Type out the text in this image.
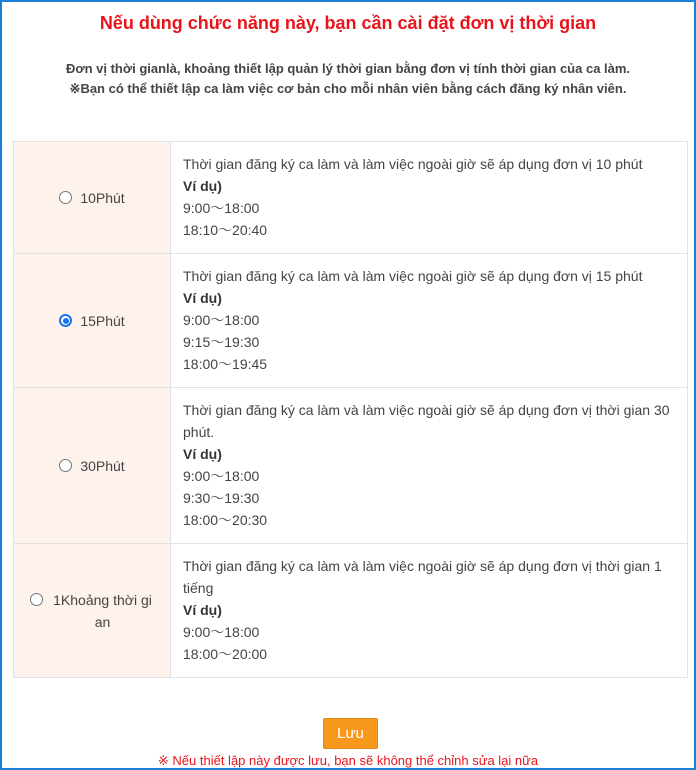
Nếu dùng chức năng này, bạn cần cài đặt đơn vị thời gian
Đơn vị thời gianlà, khoảng thiết lập quản lý thời gian bằng đơn vị tính thời gian của ca làm.
※Bạn có thể thiết lập ca làm việc cơ bản cho mỗi nhân viên bằng cách đăng ký nhân viên.
10Phút	Thời gian đăng ký ca làm và làm việc ngoài giờ sẽ áp dụng đơn vị 10 phút
Ví dụ)
9:00〜18:00
18:10〜20:40

15Phút	Thời gian đăng ký ca làm và làm việc ngoài giờ sẽ áp dụng đơn vị 15 phút
Ví dụ)
9:00〜18:00
9:15〜19:30
18:00〜19:45

30Phút	Thời gian đăng ký ca làm và làm việc ngoài giờ sẽ áp dụng đơn vị thời gian 30 phút.
Ví dụ)
9:00〜18:00
9:30〜19:30
18:00〜20:30

1Khoảng thời gian	Thời gian đăng ký ca làm và làm việc ngoài giờ sẽ áp dụng đơn vị thời gian 1 tiếng
Ví dụ)
9:00〜18:00
18:00〜20:00
Lưu
※ Nếu thiết lập này được lưu, bạn sẽ không thể chỉnh sửa lại nữa
